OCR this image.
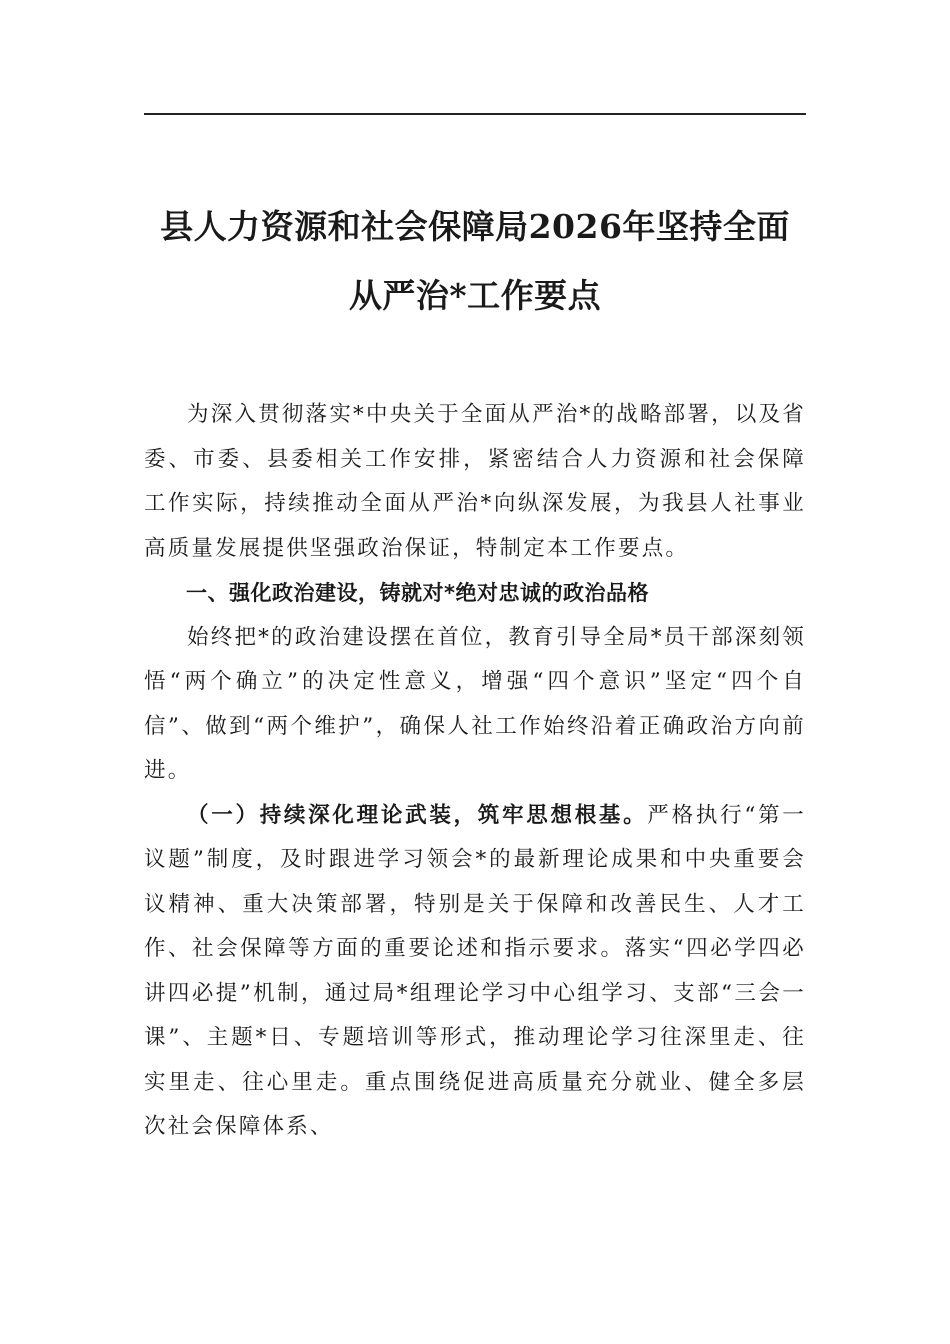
县人力资源和社会保障局2026年坚持全面
从严治*工作要点

为深入贯彻落实*中央关于全面从严治*的战略部署，以及省委、市委、县委相关工作安排，紧密结合人力资源和社会保障工作实际，持续推动全面从严治*向纵深发展，为我县人社事业高质量发展提供坚强政治保证，特制定本工作要点。

一、强化政治建设，铸就对*绝对忠诚的政治品格

始终把*的政治建设摆在首位，教育引导全局*员干部深刻领悟“两个确立”的决定性意义，增强“四个意识”坚定“四个自信”、做到“两个维护”，确保人社工作始终沿着正确政治方向前进。

（一）持续深化理论武装，筑牢思想根基。严格执行“第一议题”制度，及时跟进学习领会*的最新理论成果和中央重要会议精神、重大决策部署，特别是关于保障和改善民生、人才工作、社会保障等方面的重要论述和指示要求。落实“四必学四必讲四必提”机制，通过局*组理论学习中心组学习、支部“三会一课”、主题*日、专题培训等形式，推动理论学习往深里走、往实里走、往心里走。重点围绕促进高质量充分就业、健全多层次社会保障体系、
